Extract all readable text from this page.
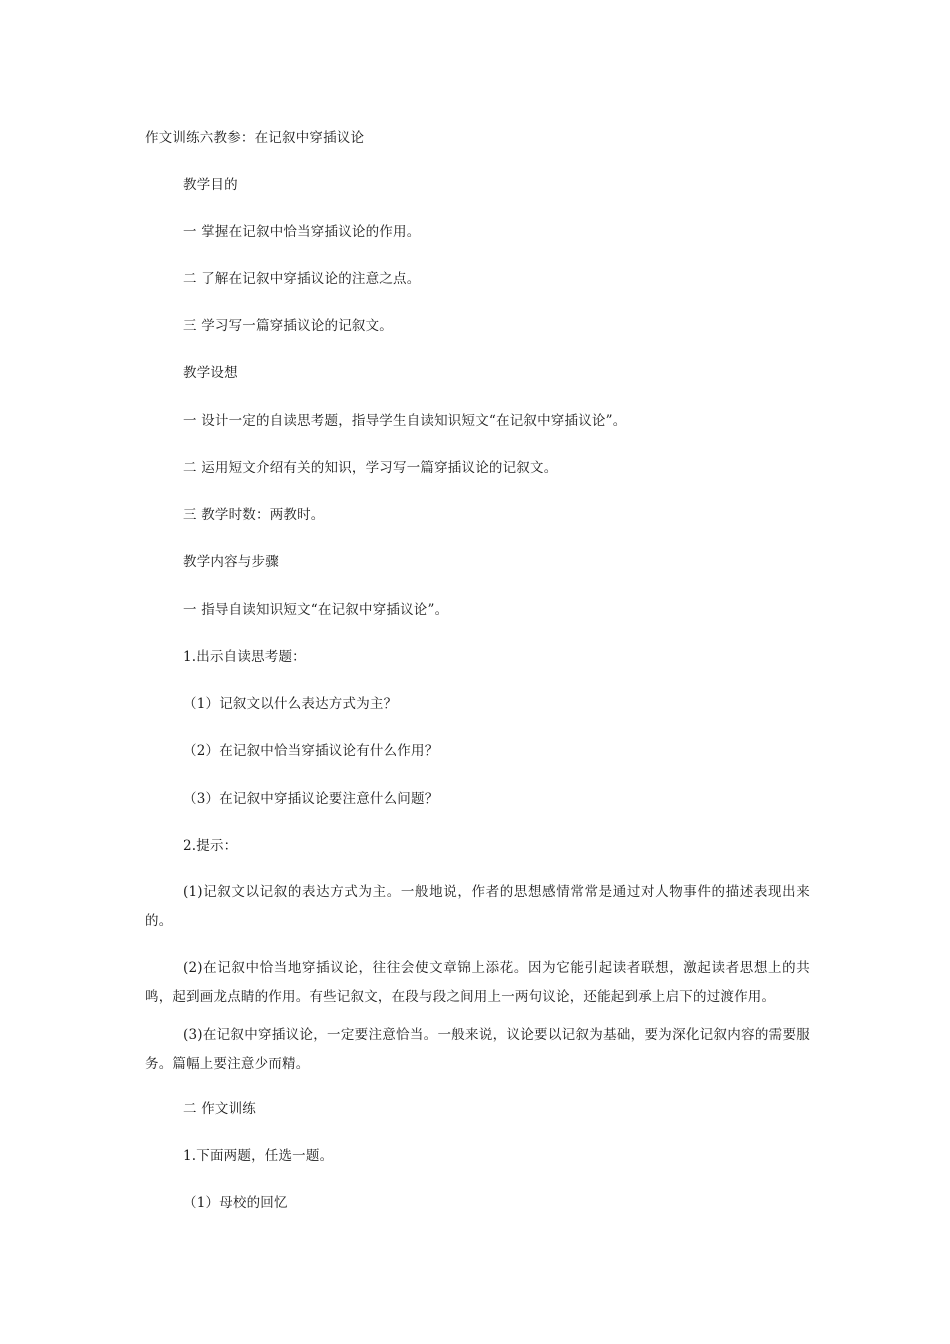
作文训练六教参：在记叙中穿插议论
教学目的
一 掌握在记叙中恰当穿插议论的作用。
二 了解在记叙中穿插议论的注意之点。
三 学习写一篇穿插议论的记叙文。
教学设想
一 设计一定的自读思考题，指导学生自读知识短文“在记叙中穿插议论”。
二 运用短文介绍有关的知识，学习写一篇穿插议论的记叙文。
三 教学时数：两教时。
教学内容与步骤
一 指导自读知识短文“在记叙中穿插议论”。
1.出示自读思考题：
（1）记叙文以什么表达方式为主？
（2）在记叙中恰当穿插议论有什么作用？
（3）在记叙中穿插议论要注意什么问题？
2.提示：
(1)记叙文以记叙的表达方式为主。一般地说，作者的思想感情常常是通过对人物事件的描述表现出来的。
(2)在记叙中恰当地穿插议论，往往会使文章锦上添花。因为它能引起读者联想，激起读者思想上的共鸣，起到画龙点睛的作用。有些记叙文，在段与段之间用上一两句议论，还能起到承上启下的过渡作用。
(3)在记叙中穿插议论，一定要注意恰当。一般来说，议论要以记叙为基础，要为深化记叙内容的需要服务。篇幅上要注意少而精。
二 作文训练
1.下面两题，任选一题。
（1）母校的回忆
